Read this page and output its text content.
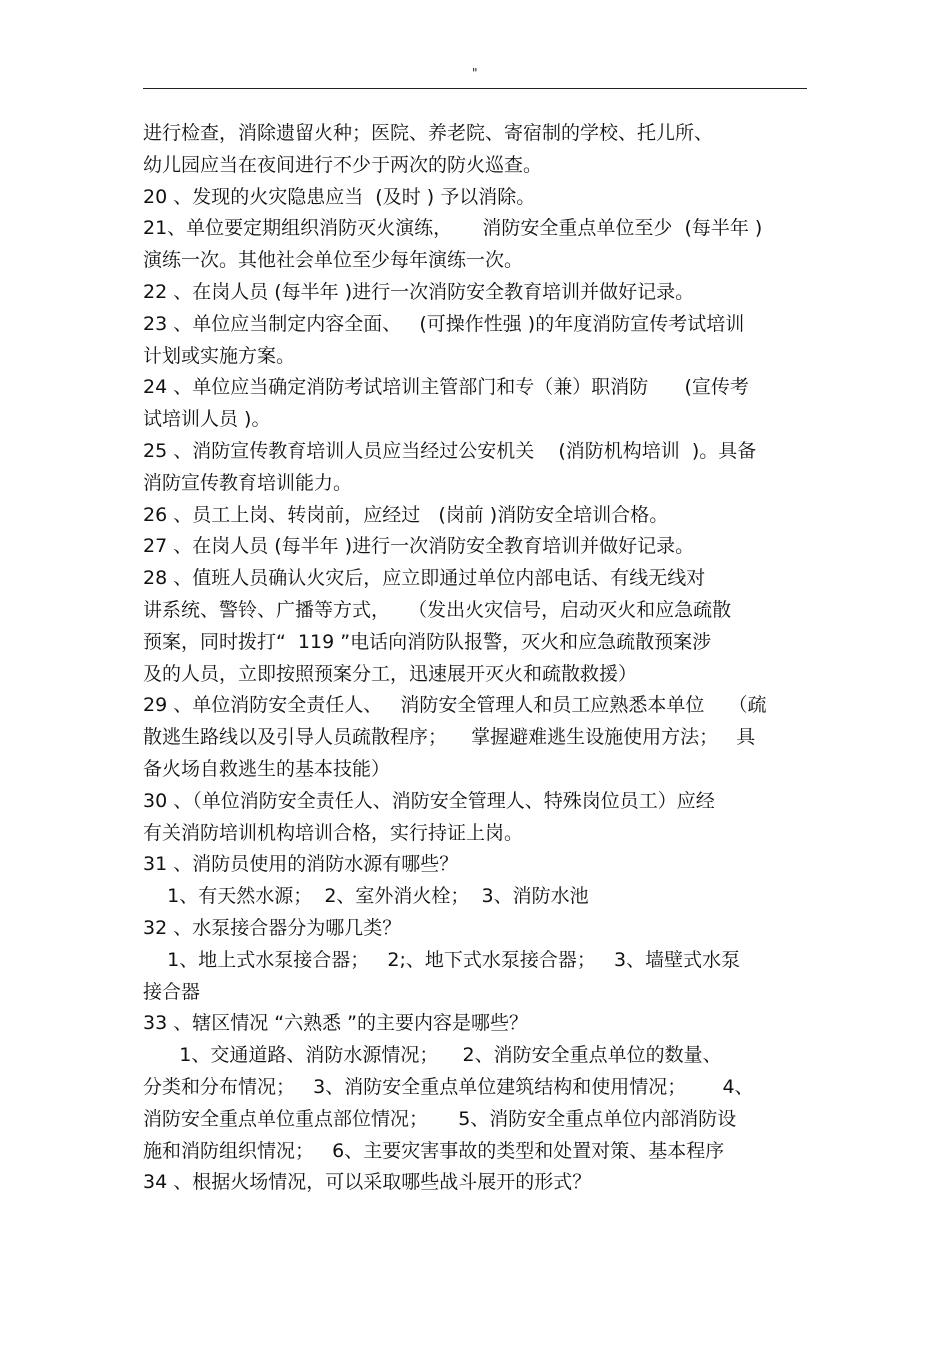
"
进行检查，消除遗留火种；医院、养老院、寄宿制的学校、托儿所、
幼儿园应当在夜间进行不少于两次的防火巡查。
20 、发现的火灾隐患应当  (及时 ) 予以消除。
21、单位要定期组织消防灭火演练，     消防安全重点单位至少  (每半年 )
演练一次。其他社会单位至少每年演练一次。
22 、在岗人员 (每半年 )进行一次消防安全教育培训并做好记录。
23 、单位应当制定内容全面、   (可操作性强 )的年度消防宣传考试培训
计划或实施方案。
24 、单位应当确定消防考试培训主管部门和专（兼）职消防      (宣传考
试培训人员 )。
25 、消防宣传教育培训人员应当经过公安机关    (消防机构培训  )。具备
消防宣传教育培训能力。
26 、员工上岗、转岗前，应经过   (岗前 )消防安全培训合格。
27 、在岗人员 (每半年 )进行一次消防安全教育培训并做好记录。
28 、值班人员确认火灾后，应立即通过单位内部电话、有线无线对
讲系统、警铃、广播等方式，   （发出火灾信号，启动灭火和应急疏散
预案，同时拨打“  119 ”电话向消防队报警，灭火和应急疏散预案涉
及的人员，立即按照预案分工，迅速展开灭火和疏散救援）
29 、单位消防安全责任人、   消防安全管理人和员工应熟悉本单位    （疏
散逃生路线以及引导人员疏散程序；    掌握避难逃生设施使用方法；   具
备火场自救逃生的基本技能）
30 、（单位消防安全责任人、消防安全管理人、特殊岗位员工）应经
有关消防培训机构培训合格，实行持证上岗。
31 、消防员使用的消防水源有哪些？
1、有天然水源；  2、室外消火栓；  3、消防水池
32 、水泵接合器分为哪几类？
1、地上式水泵接合器；   2;、地下式水泵接合器；   3、墙壁式水泵
接合器
33 、辖区情况 “六熟悉 ”的主要内容是哪些？
1、交通道路、消防水源情况；    2、消防安全重点单位的数量、
分类和分布情况；   3、消防安全重点单位建筑结构和使用情况；      4、
消防安全重点单位重点部位情况；     5、消防安全重点单位内部消防设
施和消防组织情况；   6、主要灾害事故的类型和处置对策、基本程序
34 、根据火场情况，可以采取哪些战斗展开的形式？
